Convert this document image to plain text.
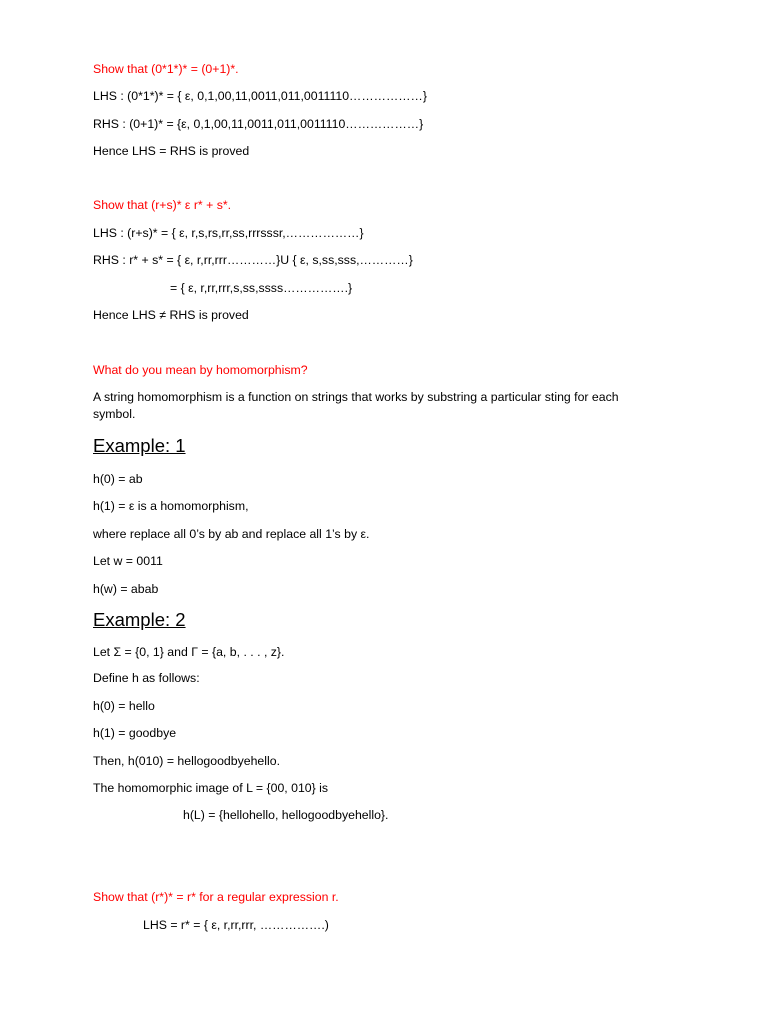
Show that (0*1*)* = (0+1)*.
LHS : (0*1*)* = { ε, 0,1,00,11,0011,011,0011110………………}
RHS : (0+1)* = {ε, 0,1,00,11,0011,011,0011110………………}
Hence LHS = RHS is proved
Show that (r+s)* ε r* + s*.
LHS : (r+s)* = { ε, r,s,rs,rr,ss,rrrsssr,………………}
RHS : r* + s* = { ε, r,rr,rrr…………}U { ε, s,ss,sss,…………}
= { ε, r,rr,rrr,s,ss,ssss…………….}
Hence LHS ≠ RHS is proved
What do you mean by homomorphism?
A string homomorphism is a function on strings that works by substring a particular sting for each symbol.
Example: 1
h(0) = ab
h(1) = ε is a homomorphism,
where replace all 0’s by ab and replace all 1’s by ε.
Let w = 0011
h(w) = abab
Example: 2
Let Σ = {0, 1} and Γ = {a, b, . . . , z}.
Define h as follows:
h(0) = hello
h(1) = goodbye
Then, h(010) = hellogoodbyehello.
The homomorphic image of L = {00, 010} is
h(L) = {hellohello, hellogoodbyehello}.
Show that (r*)* = r* for a regular expression r.
LHS = r* = { ε, r,rr,rrr, …………….)
